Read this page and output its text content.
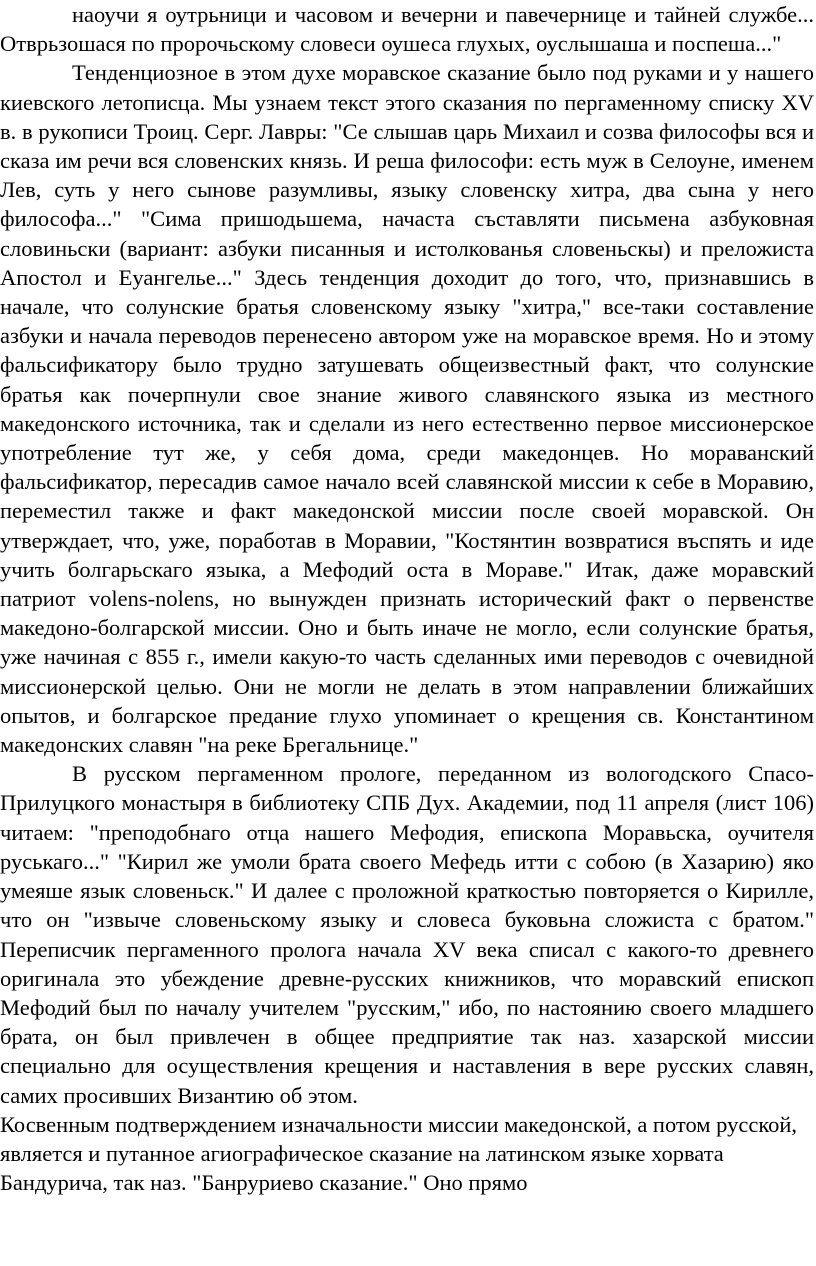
наоучи я оутрьници и часовом и вечерни и павечернице и тайней службе... Отврьзошася по пророчьскому словеси оушеса глухых, оуслышаша и поспеша..."

Тенденциозное в этом духе моравское сказание было под руками и у нашего киевского летописца. Мы узнаем текст этого сказания по пергаменному списку XV в. в рукописи Троиц. Серг. Лавры: "Се слышав царь Михаил и созва философы вся и сказа им речи вся словенских князь. И реша философи: есть муж в Селоуне, именем Лев, суть у него сынове разумливы, языку словенску хитра, два сына у него философа..." "Сима пришодьшема, начаста съставляти письмена азбуковная словиньски (вариант: азбуки писанныя и истолкованья словеньскы) и преложиста Апостол и Еуангелье..." Здесь тенденция доходит до того, что, признавшись в начале, что солунские братья словенскому языку "хитра," все-таки составление азбуки и начала переводов перенесено автором уже на моравское время. Но и этому фальсификатору было трудно затушевать общеизвестный факт, что солунские братья как почерпнули свое знание живого славянского языка из местного македонского источника, так и сделали из него естественно первое миссионерское употребление тут же, у себя дома, среди македонцев. Но мораванский фальсификатор, пересадив самое начало всей славянской миссии к себе в Моравию, переместил также и факт македонской миссии после своей моравской. Он утверждает, что, уже, поработав в Моравии, "Костянтин возвратися въспять и иде учить болгарьскаго языка, а Мефодий оста в Мораве." Итак, даже моравский патриот volens-nolens, но вынужден признать исторический факт о первенстве македоно-болгарской миссии. Оно и быть иначе не могло, если солунские братья, уже начиная с 855 г., имели какую-то часть сделанных ими переводов с очевидной миссионерской целью. Они не могли не делать в этом направлении ближайших опытов, и болгарское предание глухо упоминает о крещения св. Константином македонских славян "на реке Брегальнице."

В русском пергаменном прологе, переданном из вологодского Спасо-Прилуцкого монастыря в библиотеку СПБ Дух. Академии, под 11 апреля (лист 106) читаем: "преподобнаго отца нашего Мефодия, епископа Моравьска, оучителя руськаго..." "Кирил же умоли брата своего Мефедь итти с собою (в Хазарию) яко умеяше язык словеньск." И далее с проложной краткостью повторяется о Кирилле, что он "извыче словеньскому языку и словеса буковьна сложиста с братом." Переписчик пергаменного пролога начала XV века списал с какого-то древнего оригинала это убеждение древне-русских книжников, что моравский епископ Мефодий был по началу учителем "русским," ибо, по настоянию своего младшего брата, он был привлечен в общее предприятие так наз. хазарской миссии специально для осуществления крещения и наставления в вере русских славян, самих просивших Византию об этом.

Косвенным подтверждением изначальности миссии македонской, а потом русской, является и путанное агиографическое сказание на латинском языке хорвата Бандурича, так наз. "Банруриево сказание." Оно прямо
